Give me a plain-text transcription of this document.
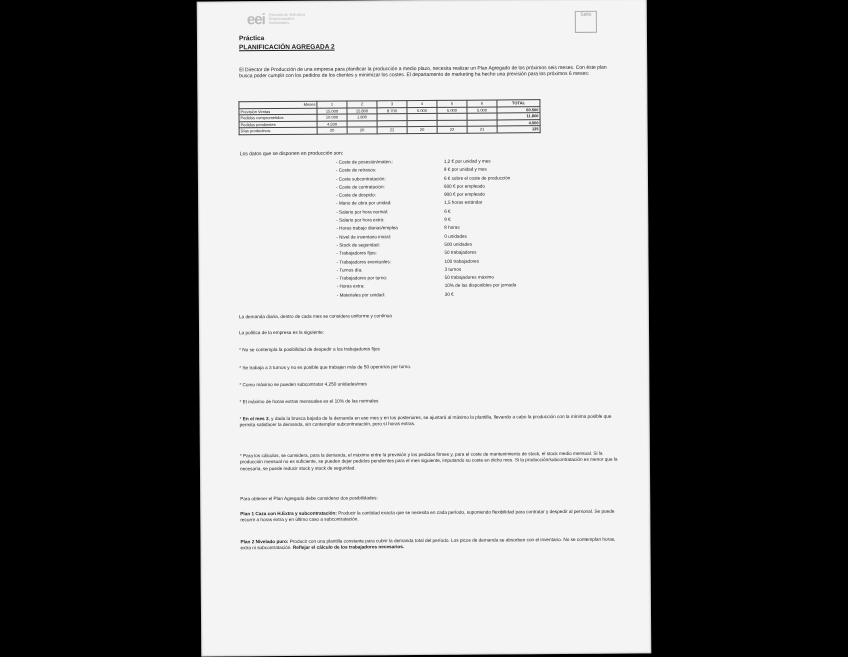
eei Escuela de Estudios Empresariales Industriales
Sello
Práctica
PLANIFICACIÓN AGREGADA 2
El Director de Producción de una empresa para planificar la producción a medio plazo, necesita realizar un Plan Agregado de los próximos seis meses. Con éste plan busca poder cumplir con los pedidos de los clientes y minimizar los costes. El departamento de marketing ha hecho una previsión para los próximos 6 meses:
Meses	1	2	3	4	5	6	TOTAL
Previsión Ventas	15.000	15.800	8.700	5.000	5.000	5.000	60.500
Pedidos comprometidos	10.000	1.800					11.800
Pedidos pendientes	4.500						4.500
Días productivos	20	20	22	20	22	21	125
Los datos que se disponen en producción son:
- Coste de posesión/maten.:	1,2 € por unidad y mes
- Coste de retrasos:	9 € por unidad y mes
- Coste subcontratación:	6 € sobre el coste de producción
- Coste de contratación:	600 € por empleado
- Coste de despido:	900 € por empleado
- Mano de obra por unidad:	1,5 horas estándar
- Salario por hora normal:	6 €
- Salario por hora extra:	9 €
- Horas trabajo diarias/emplea	8 horas
- Nivel de inventario inicial:	0 unidades
- Stock de seguridad:	500 unidades
- Trabajadores fijos:	50 trabajadores
- Trabajadores eventuales:	100 trabajadores
- Turnos día:	3 turnos
- Trabajadores por turno:	50 trabajadores máximo
- Horas extra:	10% de las disponibles por jornada
- Materiales por unidad:	30 €
La demanda diaria, dentro de cada mes se considera uniforme y continua
La política de la empresa es la siguiente:
* No se contempla la posibilidad de despedir a los trabajadores fijos
* Se trabaja a 3 turnos y no es posible que trabajen más de 50 operarios por turno.
* Como máximo se pueden subcontratar 4.250 unidades/mes
* El máximo de horas extras mensuales es el 10% de las normales
* En el mes 3, y dada la brusca bajada de la demanda en ese mes y en los posteriores, se ajustará al máximo la plantilla, llevando a cabo la producción con la mínima posible que permita satisfacer la demanda, sin contemplar subcontratación, pero sí horas extras.
* Para los cálculos, se considera, para la demanda, el máximo entre la previsión y los pedidos firmes y, para el coste de mantenimiento de stock, el stock medio mensual. Si la producción mensual no es suficiente, se pueden dejar pedidos pendientes para el mes siguiente, imputando su coste en dicho mes. Si la producción/subcontratación es menor que la necesaria, se puede reducir stock y stock de seguridad.
Para obtener el Plan Agregado debe considerar dos posibilidades:
Plan 1 Caza con H.Extra y subcontratación: Producir la cantidad exacta que se necesita en cada período, suponiendo flexibilidad para contratar y despedir al personal. Se puede recurrir a horas extra y en último caso a subcontratación.
Plan 2 Nivelado puro: Producir con una plantilla constante para cubrir la demanda total del período. Los picos de demanda se absorben con el inventario. No se contemplan horas, extra ni subcontratación. Reflejar el cálculo de los trabajadores necesarios.
